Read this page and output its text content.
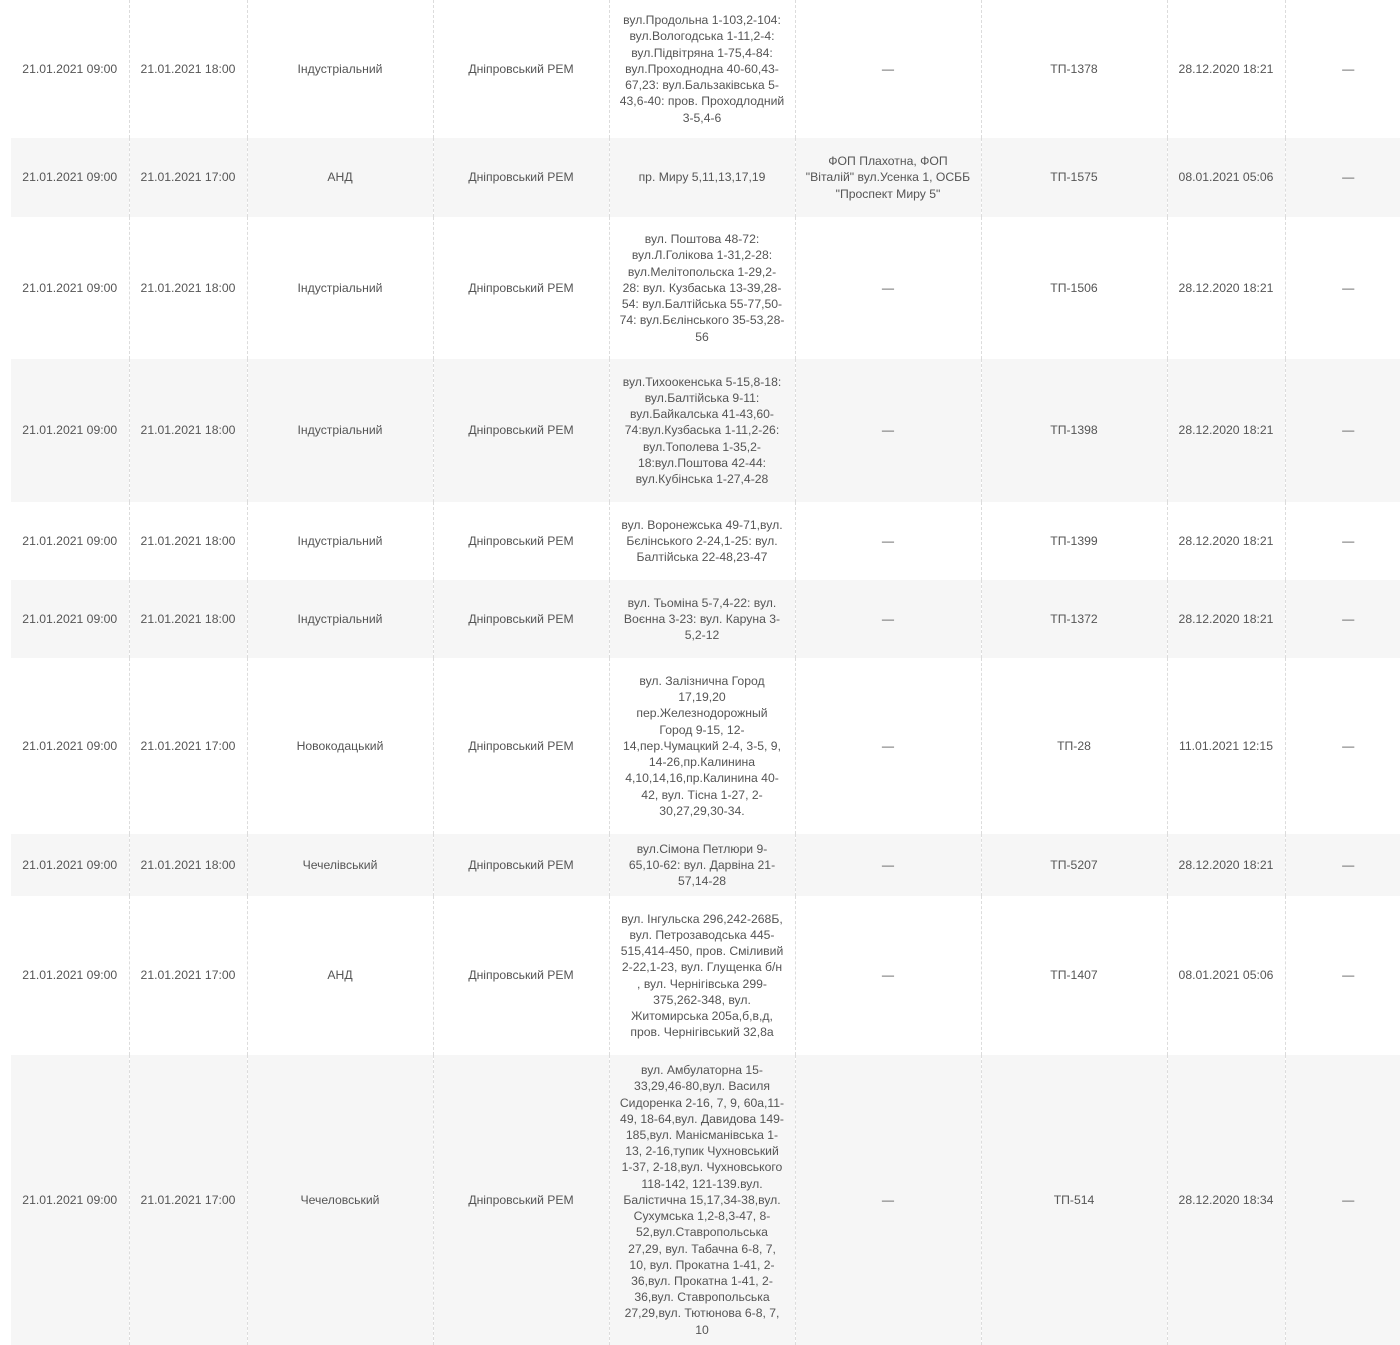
21.01.2021 09:00	21.01.2021 18:00	Індустріальний	Дніпровський РЕМ	вул.Продольна 1-103,2-104: вул.Вологодська 1-11,2-4: вул.Підвітряна 1-75,4-84: вул.Проходнодна 40-60,43-67,23: вул.Бальзаківська 5-43,6-40: пров. Проходлодний 3-5,4-6	—	ТП-1378	28.12.2020 18:21	—
21.01.2021 09:00	21.01.2021 17:00	АНД	Дніпровський РЕМ	пр. Миру 5,11,13,17,19	ФОП Плахотна, ФОП "Віталій" вул.Усенка 1, ОСББ "Проспект Миру 5"	ТП-1575	08.01.2021 05:06	—
21.01.2021 09:00	21.01.2021 18:00	Індустріальний	Дніпровський РЕМ	вул. Поштова 48-72: вул.Л.Голікова 1-31,2-28: вул.Мелітопольска 1-29,2-28: вул. Кузбаська 13-39,28-54: вул.Балтійська 55-77,50-74: вул.Бєлінського 35-53,28-56	—	ТП-1506	28.12.2020 18:21	—
21.01.2021 09:00	21.01.2021 18:00	Індустріальний	Дніпровський РЕМ	вул.Тихоокенська 5-15,8-18: вул.Балтійська 9-11: вул.Байкалська 41-43,60-74:вул.Кузбаська 1-11,2-26: вул.Тополева 1-35,2-18:вул.Поштова 42-44: вул.Кубінська 1-27,4-28	—	ТП-1398	28.12.2020 18:21	—
21.01.2021 09:00	21.01.2021 18:00	Індустріальний	Дніпровський РЕМ	вул. Воронежська 49-71,вул. Бєлінського 2-24,1-25: вул. Балтійська 22-48,23-47	—	ТП-1399	28.12.2020 18:21	—
21.01.2021 09:00	21.01.2021 18:00	Індустріальний	Дніпровський РЕМ	вул. Тьоміна 5-7,4-22: вул. Воєнна 3-23: вул. Каруна 3-5,2-12	—	ТП-1372	28.12.2020 18:21	—
21.01.2021 09:00	21.01.2021 17:00	Новокодацький	Дніпровський РЕМ	вул. Залізнична Город 17,19,20 пер.Железнодорожный Город 9-15, 12-14,пер.Чумацкий 2-4, 3-5, 9, 14-26,пр.Калинина 4,10,14,16,пр.Калинина 40-42, вул. Тісна 1-27, 2-30,27,29,30-34.	—	ТП-28	11.01.2021 12:15	—
21.01.2021 09:00	21.01.2021 18:00	Чечелівський	Дніпровський РЕМ	вул.Сімона Петлюри 9-65,10-62: вул. Дарвіна 21-57,14-28	—	ТП-5207	28.12.2020 18:21	—
21.01.2021 09:00	21.01.2021 17:00	АНД	Дніпровський РЕМ	вул. Інгульска 296,242-268Б, вул. Петрозаводська 445-515,414-450, пров. Сміливий 2-22,1-23, вул. Глущенка б/н , вул. Чернігівська 299-375,262-348, вул. Житомирська 205а,б,в,д, пров. Чернігівський 32,8а	—	ТП-1407	08.01.2021 05:06	—
21.01.2021 09:00	21.01.2021 17:00	Чечеловський	Дніпровський РЕМ	вул. Амбулаторна 15-33,29,46-80,вул. Василя Сидоренка 2-16, 7, 9, 60а,11-49, 18-64,вул. Давидова 149-185,вул. Манісманівська 1-13, 2-16,тупик Чухновський 1-37, 2-18,вул. Чухновського 118-142, 121-139.вул. Балістична 15,17,34-38,вул. Сухумська 1,2-8,3-47, 8-52,вул.Ставропольська 27,29, вул. Табачна 6-8, 7, 10, вул. Прокатна 1-41, 2-36,вул. Прокатна 1-41, 2-36,вул. Ставропольська 27,29,вул. Тютюнова 6-8, 7, 10	—	ТП-514	28.12.2020 18:34	—
